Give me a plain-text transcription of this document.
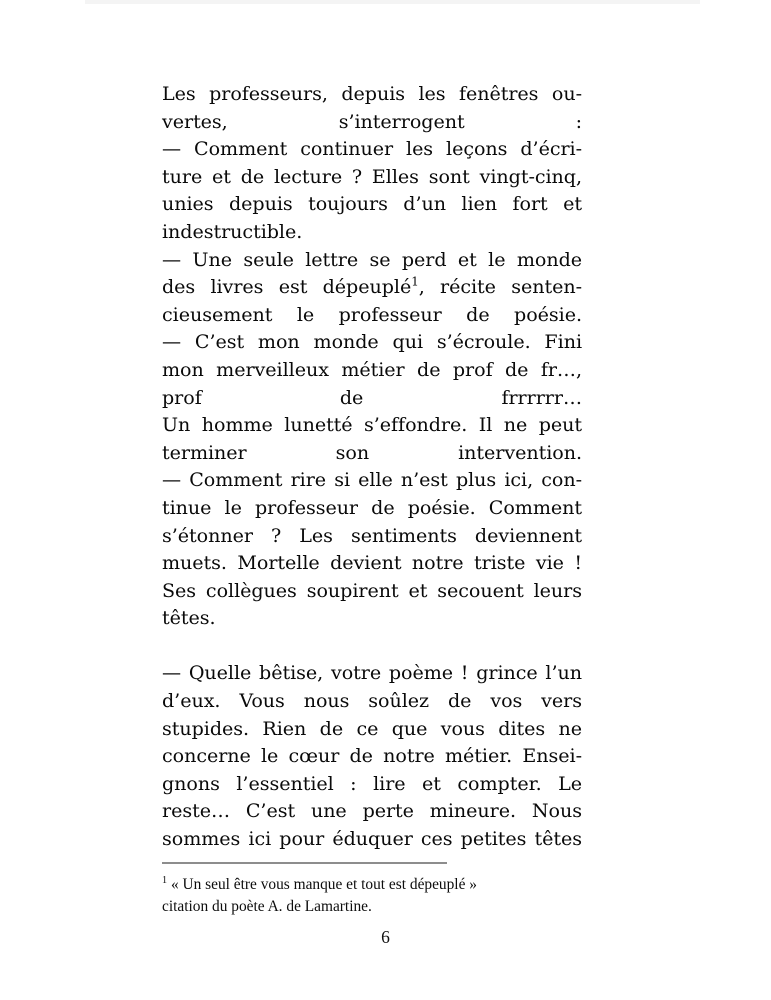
Les professeurs, depuis les fenêtres ou-
vertes, s’interrogent :

— Comment continuer les leçons d’écri-
ture et de lecture ? Elles sont vingt-cinq,
unies depuis toujours d’un lien fort et
indestructible.

— Une seule lettre se perd et le monde
des livres est dépeuplé$^1$, récite senten-
cieusement le professeur de poésie.

— C’est mon monde qui s’écroule. Fini
mon merveilleux métier de prof de fr…,
prof de frrrrrr…

Un homme lunetté s’effondre. Il ne peut
terminer son intervention.

— Comment rire si elle n’est plus ici, con-
tinue le professeur de poésie. Comment
s’étonner ? Les sentiments deviennent
muets. Mortelle devient notre triste vie !

Ses collègues soupirent et secouent leurs
têtes.

— Quelle bêtise, votre poème ! grince l’un
d’eux. Vous nous soûlez de vos vers
stupides. Rien de ce que vous dites ne
concerne le cœur de notre métier. Ensei-
gnons l’essentiel : lire et compter. Le
reste… C’est une perte mineure. Nous
sommes ici pour éduquer ces petites têtes

$^1$ « Un seul être vous manque et tout est dépeuplé »
citation du poète A. de Lamartine.

6
